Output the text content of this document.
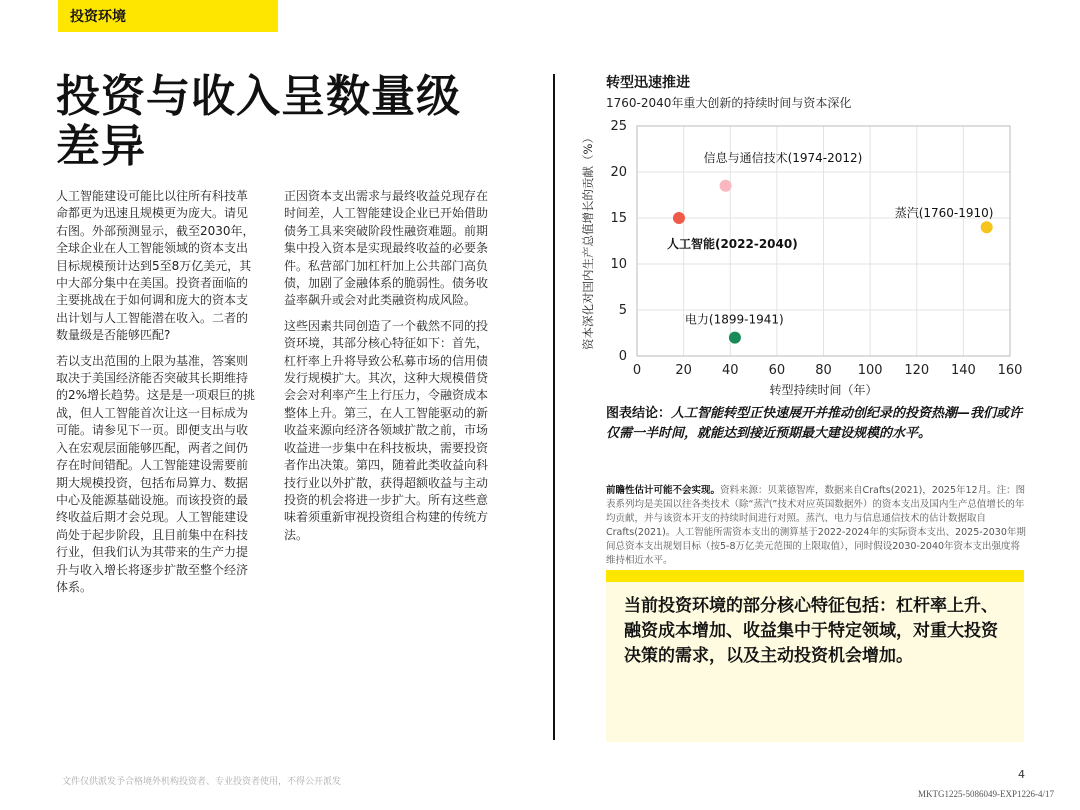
投资环境
投资与收入呈数量级差异

人工智能建设可能比以往所有科技革命都更为迅速且规模更为庞大。请见右图。外部预测显示，截至2030年，全球企业在人工智能领域的资本支出目标规模预计达到5至8万亿美元，其中大部分集中在美国。投资者面临的主要挑战在于如何调和庞大的资本支出计划与人工智能潜在收入。二者的数量级是否能够匹配?

若以支出范围的上限为基准，答案则取决于美国经济能否突破其长期维持的2%增长趋势。这是是一项艰巨的挑战，但人工智能首次让这一目标成为可能。请参见下一页。即便支出与收入在宏观层面能够匹配，两者之间仍存在时间错配。人工智能建设需要前期大规模投资，包括布局算力、数据中心及能源基础设施。而该投资的最终收益后期才会兑现。人工智能建设尚处于起步阶段，且目前集中在科技行业，但我们认为其带来的生产力提升与收入增长将逐步扩散至整个经济体系。

正因资本支出需求与最终收益兑现存在时间差，人工智能建设企业已开始借助债务工具来突破阶段性融资难题。前期集中投入资本是实现最终收益的必要条件。私营部门加杠杆加上公共部门高负债，加剧了金融体系的脆弱性。债务收益率飙升或会对此类融资构成风险。

这些因素共同创造了一个截然不同的投资环境，其部分核心特征如下：首先，杠杆率上升将导致公私募市场的信用债发行规模扩大。其次，这种大规模借贷会会对利率产生上行压力，令融资成本整体上升。第三，在人工智能驱动的新收益来源向经济各领域扩散之前，市场收益进一步集中在科技板块，需要投资者作出决策。第四，随着此类收益向科技行业以外扩散，获得超额收益与主动投资的机会将进一步扩大。所有这些意味着须重新审视投资组合构建的传统方法。

转型迅速推进
1760-2040年重大创新的持续时间与资本深化
0	20 40 60 80 100 120 140 160
0
5
10
15
20
25
转型持续时间（年）
资本深化对国内生产总值增长的贡献（%）	人工智能(2022-2040)
信息与通信技术(1974-2012)
电力(1899-1941)
蒸汽(1760-1910)
图表结论：人工智能转型正快速展开并推动创纪录的投资热潮—我们或许仅需一半时间，就能达到接近预期最大建设规模的水平。
前瞻性估计可能不会实现。资料来源：贝莱德智库，数据来自Crafts(2021)，2025年12月。注：图表系列均是美国以往各类技术（除“蒸汽”技术对应英国数据外）的资本支出及国内生产总值增长的年均贡献，并与该资本开支的持续时间进行对照。蒸汽、电力与信息通信技术的估计数据取自Crafts(2021)。人工智能所需资本支出的测算基于2022-2024年的实际资本支出、2025-2030年期间总资本支出规划目标（按5-8万亿美元范围的上限取值），同时假设2030-2040年资本支出强度将维持相近水平。
当前投资环境的部分核心特征包括：杠杆率上升、融资成本增加、收益集中于特定领域，对重大投资决策的需求，以及主动投资机会增加。
4
文件仅供派发予合格境外机构投资者、专业投资者使用，不得公开派发
MKTG1225-5086049-EXP1226-4/17
